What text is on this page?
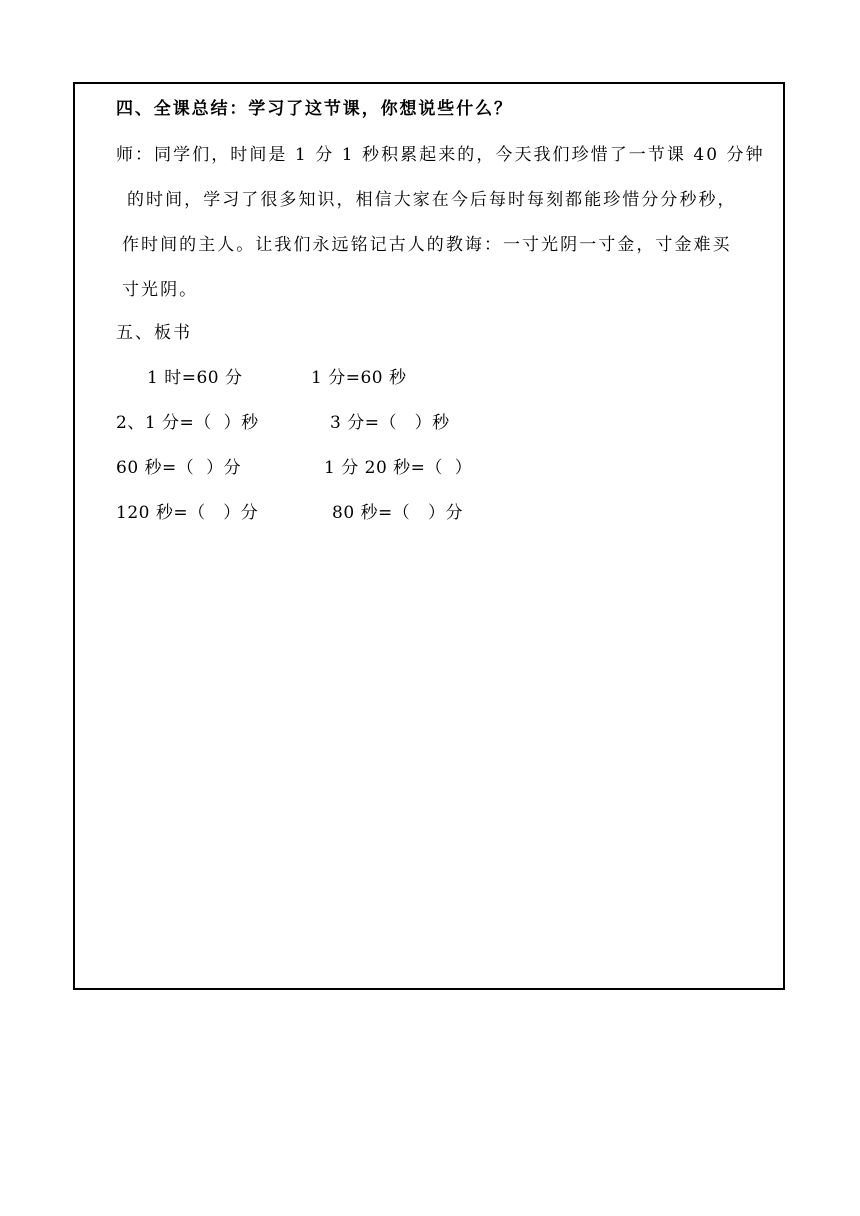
四、全课总结：学习了这节课，你想说些什么？
师：同学们，时间是 1 分 1 秒积累起来的，今天我们珍惜了一节课 40 分钟
的时间，学习了很多知识，相信大家在今后每时每刻都能珍惜分分秒秒，
作时间的主人。让我们永远铭记古人的教诲：一寸光阴一寸金，寸金难买
寸光阴。
五、板书
1 时=60 分	1 分=60 秒
2、1 分=（  ）秒	3 分=（   ）秒
60 秒=（  ）分	1 分 20 秒=（  ）
120 秒=（   ）分	80 秒=（   ）分
